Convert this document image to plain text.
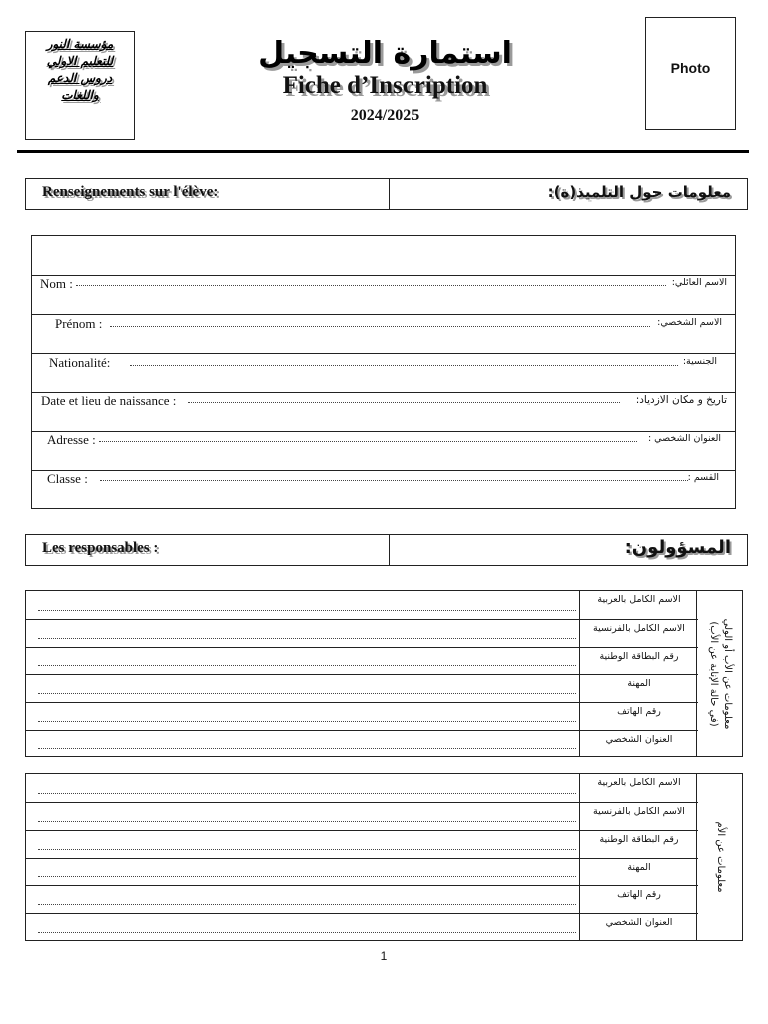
مؤسسة النور للتعليم الاولي دروس الدعم واللغات
استمارة التسجيل
Fiche d’Inscription
2024/2025
Photo
Renseignements sur l'élève:	معلومات حول التلميذ(ة):
Nom :	الاسم العائلي:
Prénom :	الاسم الشخصي:
Nationalité:	الجنسية:
Date et lieu de naissance :	تاريخ و مكان الازدياد:
Adresse :	العنوان الشخصي :
Classe :	القسم :
Les responsables :	المسؤولون:
الاسم الكامل بالعربية
الاسم الكامل بالفرنسية
رقم البطاقة الوطنية
المهنة
رقم الهاتف
العنوان الشخصي
معلومات عن الأب أو الولي
(في حالة الإنابة عن الأب)
الاسم الكامل بالعربية
الاسم الكامل بالفرنسية
رقم البطاقة الوطنية
المهنة
رقم الهاتف
العنوان الشخصي
معلومات عن الأم
1
